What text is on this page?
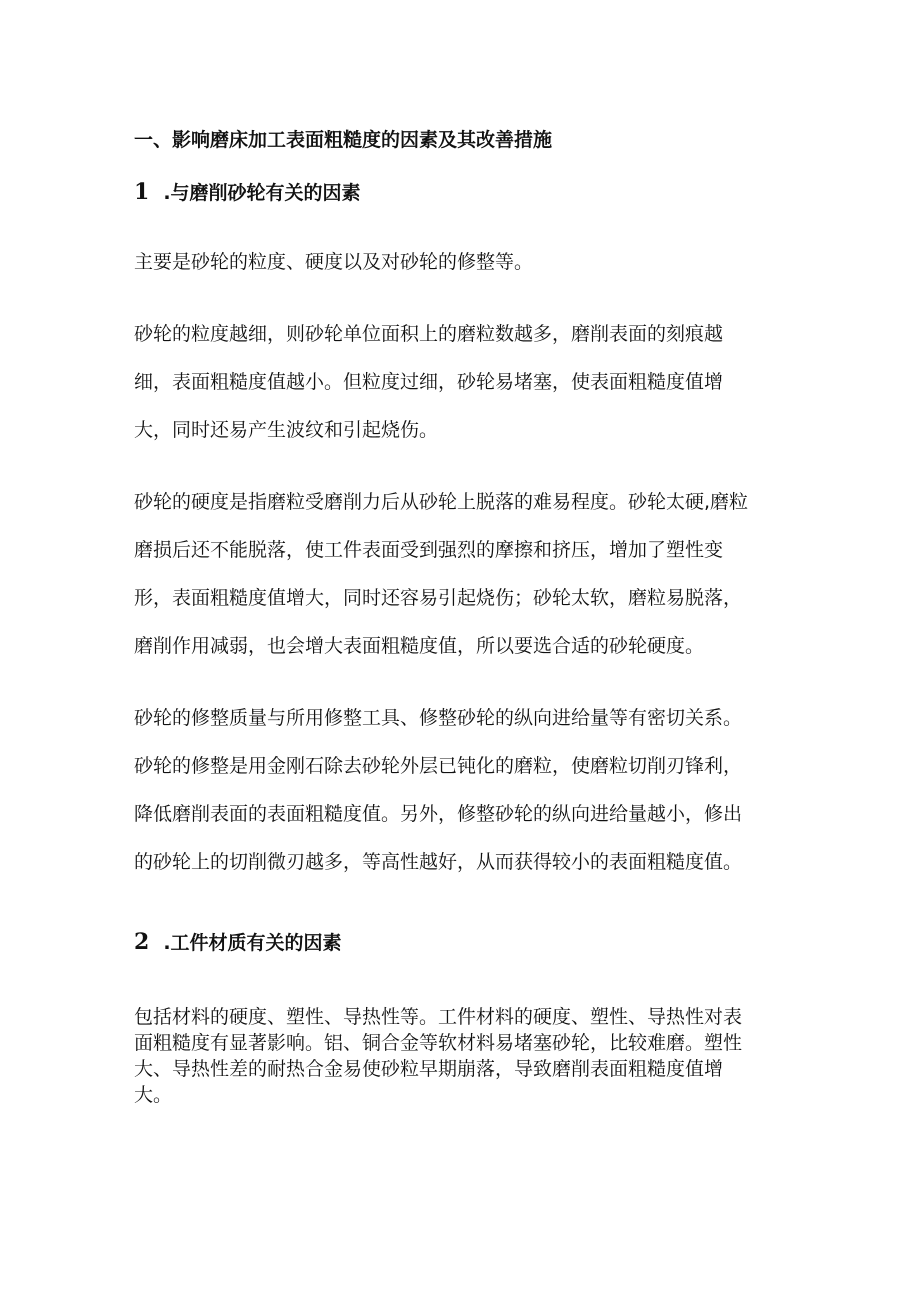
一、影响磨床加工表面粗糙度的因素及其改善措施
1 .与磨削砂轮有关的因素
主要是砂轮的粒度、硬度以及对砂轮的修整等。
砂轮的粒度越细，则砂轮单位面积上的磨粒数越多，磨削表面的刻痕越
细，表面粗糙度值越小。但粒度过细，砂轮易堵塞，使表面粗糙度值增
大，同时还易产生波纹和引起烧伤。
砂轮的硬度是指磨粒受磨削力后从砂轮上脱落的难易程度。砂轮太硬,磨粒
磨损后还不能脱落，使工件表面受到强烈的摩擦和挤压，增加了塑性变
形，表面粗糙度值增大，同时还容易引起烧伤；砂轮太软，磨粒易脱落，
磨削作用减弱，也会增大表面粗糙度值，所以要选合适的砂轮硬度。
砂轮的修整质量与所用修整工具、修整砂轮的纵向进给量等有密切关系。
砂轮的修整是用金刚石除去砂轮外层已钝化的磨粒，使磨粒切削刃锋利，
降低磨削表面的表面粗糙度值。另外，修整砂轮的纵向进给量越小，修出
的砂轮上的切削微刃越多，等高性越好，从而获得较小的表面粗糙度值。
2 .工件材质有关的因素
包括材料的硬度、塑性、导热性等。工件材料的硬度、塑性、导热性对表
面粗糙度有显著影响。铝、铜合金等软材料易堵塞砂轮，比较难磨。塑性
大、导热性差的耐热合金易使砂粒早期崩落，导致磨削表面粗糙度值增
大。
